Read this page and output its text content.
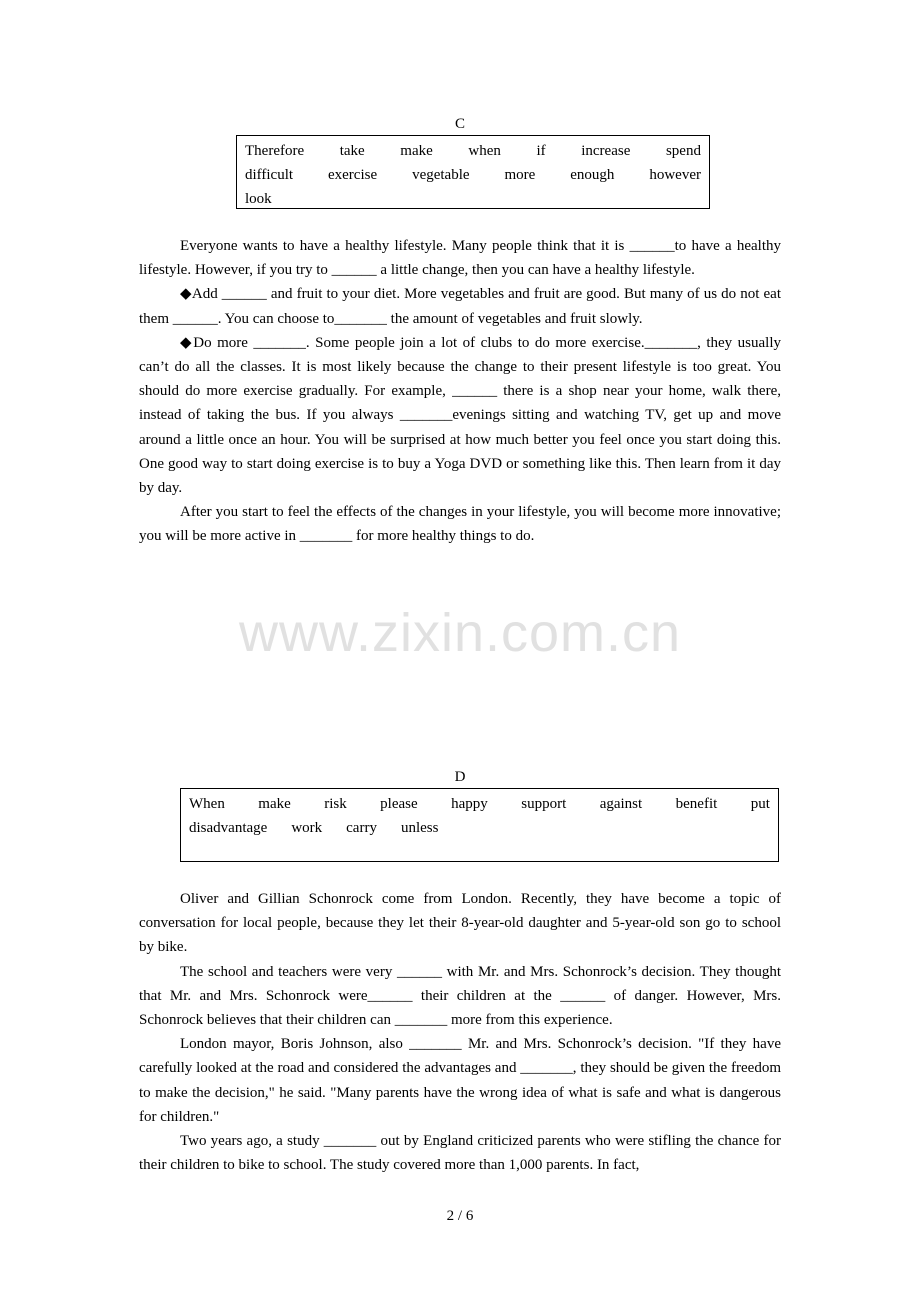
C
Therefore take make when if increase spend
difficult exercise vegetable more enough however
look

Everyone wants to have a healthy lifestyle. Many people think that it is ______to have a healthy lifestyle. However, if you try to ______ a little change, then you can have a healthy lifestyle.

◆Add ______ and fruit to your diet. More vegetables and fruit are good. But many of us do not eat them ______. You can choose to_______ the amount of vegetables and fruit slowly.

◆Do more _______. Some people join a lot of clubs to do more exercise._______, they usually can’t do all the classes. It is most likely because the change to their present lifestyle is too great. You should do more exercise gradually. For example, ______ there is a shop near your home, walk there, instead of taking the bus. If you always _______evenings sitting and watching TV, get up and move around a little once an hour. You will be surprised at how much better you feel once you start doing this. One good way to start doing exercise is to buy a Yoga DVD or something like this. Then learn from it day by day.

After you start to feel the effects of the changes in your lifestyle, you will become more innovative; you will be more active in _______ for more healthy things to do.

www.zixin.com.cn
D
When make risk please happy support against benefit put
disadvantage work carry unless

Oliver and Gillian Schonrock come from London. Recently, they have become a topic of conversation for local people, because they let their 8-year-old daughter and 5-year-old son go to school by bike.

The school and teachers were very ______ with Mr. and Mrs. Schonrock’s decision. They thought that Mr. and Mrs. Schonrock were______ their children at the ______ of danger. However, Mrs. Schonrock believes that their children can _______ more from this experience.

London mayor, Boris Johnson, also _______ Mr. and Mrs. Schonrock’s decision. "If they have carefully looked at the road and considered the advantages and _______, they should be given the freedom to make the decision," he said. "Many parents have the wrong idea of what is safe and what is dangerous for children."

Two years ago, a study _______ out by England criticized parents who were stifling the chance for their children to bike to school. The study covered more than 1,000 parents. In fact,

2 / 6
